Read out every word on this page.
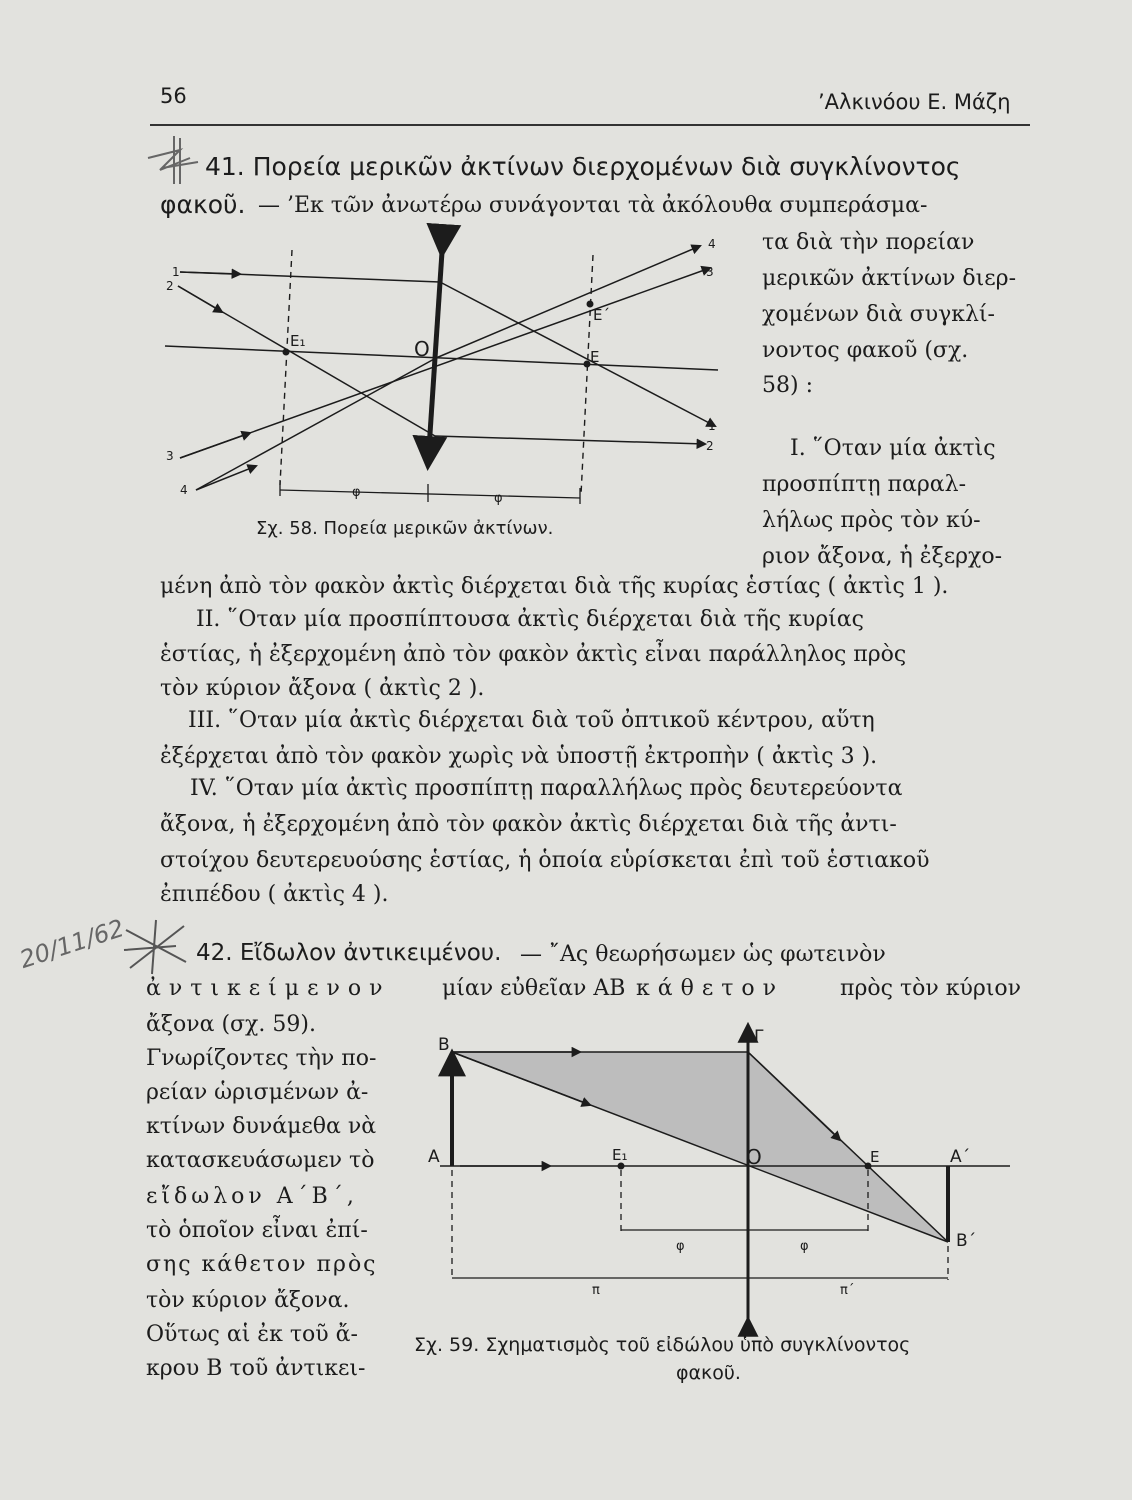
56	’Αλκινόου Ε. Μάζη
20/11/62
41. Πορεία μερικῶν ἀκτίνων διερχομένων διὰ συγκλίνοντος
φακοῦ. — ’Εκ τῶν ἀνωτέρω συνάγονται τὰ ἀκόλουθα συμπεράσμα-
τα διὰ τὴν πορείαν
μερικῶν ἀκτίνων διερ-
χομένων διὰ συγκλί-
νοντος φακοῦ (σχ.
58) :
1
2
3
4
4
3
1
2
E₁	O	E
E΄
φ	φ
Σχ. 58. Πορεία μερικῶν ἀκτίνων.
I. ῞Οταν μία ἀκτὶς
προσπίπτῃ παραλ-
λήλως πρὸς τὸν κύ-
ριον ἄξονα, ἡ ἐξερχο-
μένη ἀπὸ τὸν φακὸν ἀκτὶς διέρχεται διὰ τῆς κυρίας ἑστίας ( ἀκτὶς 1 ).
II. ῞Οταν μία προσπίπτουσα ἀκτὶς διέρχεται διὰ τῆς κυρίας
ἑστίας, ἡ ἐξερχομένη ἀπὸ τὸν φακὸν ἀκτὶς εἶναι παράλληλος πρὸς
τὸν κύριον ἄξονα ( ἀκτὶς 2 ).
III. ῞Οταν μία ἀκτὶς διέρχεται διὰ τοῦ ὀπτικοῦ κέντρου, αὕτη
ἐξέρχεται ἀπὸ τὸν φακὸν χωρὶς νὰ ὑποστῇ ἐκτροπὴν ( ἀκτὶς 3 ).
IV. ῞Οταν μία ἀκτὶς προσπίπτῃ παραλλήλως πρὸς δευτερεύοντα
ἄξονα, ἡ ἐξερχομένη ἀπὸ τὸν φακὸν ἀκτὶς διέρχεται διὰ τῆς ἀντι-
στοίχου δευτερευούσης ἑστίας, ἡ ὁποία εὑρίσκεται ἐπὶ τοῦ ἑστιακοῦ
ἐπιπέδου ( ἀκτὶς 4 ).
42. Εἴδωλον ἀντικειμένου. — ῎Ας θεωρήσωμεν ὡς φωτεινὸν
ἀντικείμενον μίαν εὐθεῖαν ΑΒ κάθετον	πρὸς τὸν κύριον
ἄξονα (σχ. 59).
Γνωρίζοντες τὴν πο-
ρείαν ὡρισμένων ἀ-
κτίνων δυνάμεθα νὰ
κατασκευάσωμεν τὸ
εἴδωλον Α΄Β΄,
τὸ ὁποῖον εἶναι ἐπί-
σης κάθετον πρὸς
τὸν κύριον ἄξονα.
Οὕτως αἱ ἐκ τοῦ ἄ-
κρου Β τοῦ ἀντικει-
B	Γ
A	E₁	O	E	A΄
B΄
φ	φ
π	π΄
Σχ. 59. Σχηματισμὸς τοῦ εἰδώλου ὑπὸ συγκλίνοντος
φακοῦ.
